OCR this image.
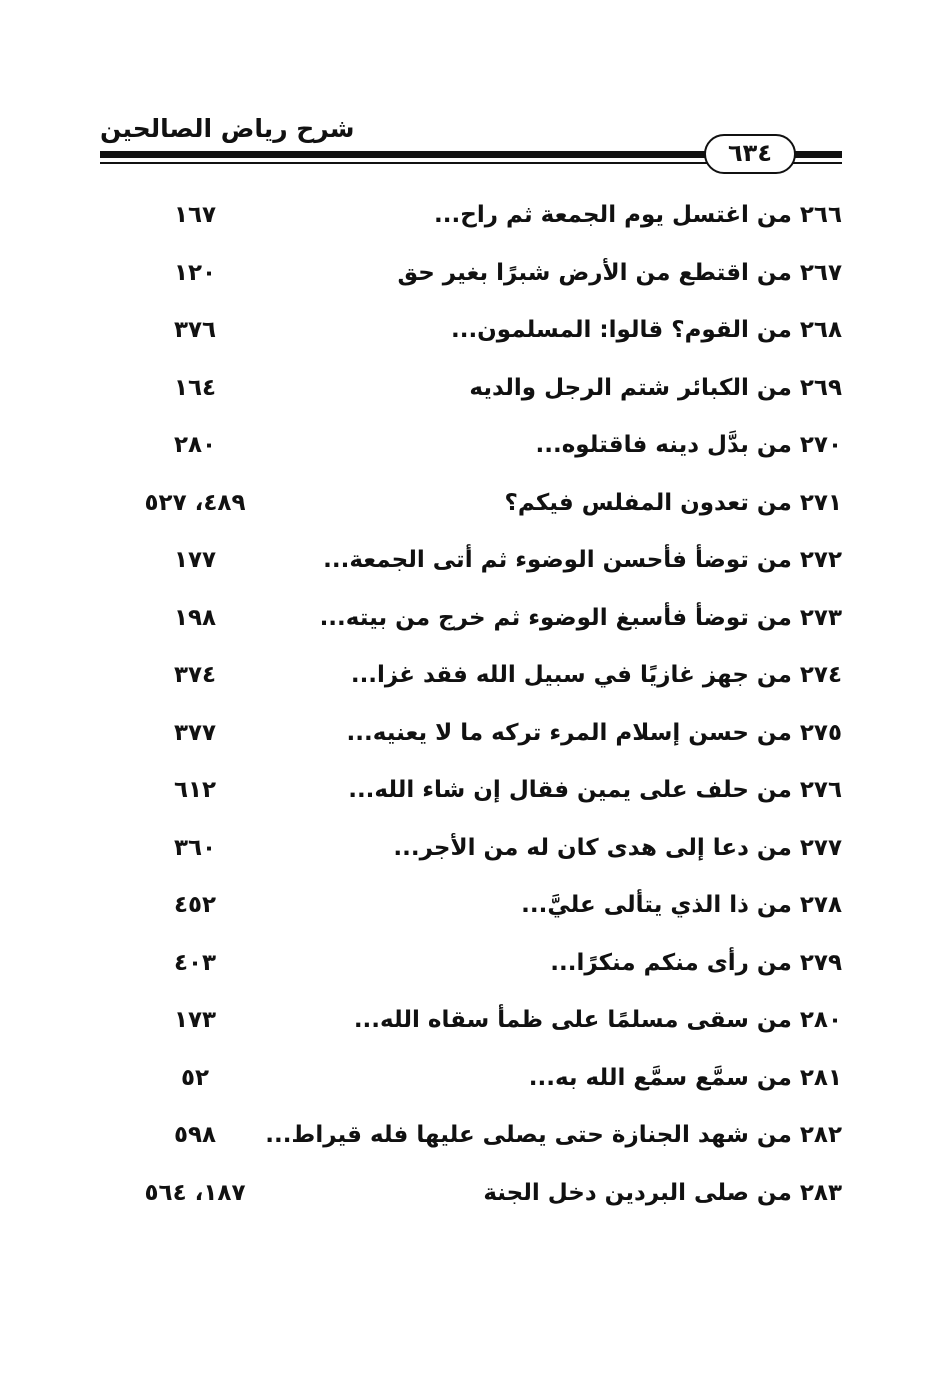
شرح رياض الصالحين
٦٣٤
٢٦٦من اغتسل يوم الجمعة ثم راح...
١٦٧
٢٦٧من اقتطع من الأرض شبرًا بغير حق
١٢٠
٢٦٨من القوم؟ قالوا: المسلمون...
٣٧٦
٢٦٩من الكبائر شتم الرجل والديه
١٦٤
٢٧٠من بدَّل دينه فاقتلوه...
٢٨٠
٢٧١من تعدون المفلس فيكم؟
٤٨٩، ٥٢٧
٢٧٢من توضأ فأحسن الوضوء ثم أتى الجمعة...
١٧٧
٢٧٣من توضأ فأسبغ الوضوء ثم خرج من بيته...
١٩٨
٢٧٤من جهز غازيًا في سبيل الله فقد غزا...
٣٧٤
٢٧٥من حسن إسلام المرء تركه ما لا يعنيه...
٣٧٧
٢٧٦من حلف على يمين فقال إن شاء الله...
٦١٢
٢٧٧من دعا إلى هدى كان له من الأجر...
٣٦٠
٢٧٨من ذا الذي يتألى عليَّ...
٤٥٢
٢٧٩من رأى منكم منكرًا...
٤٠٣
٢٨٠من سقى مسلمًا على ظمأ سقاه الله...
١٧٣
٢٨١من سمَّع سمَّع الله به...
٥٢
٢٨٢من شهد الجنازة حتى يصلى عليها فله قيراط...
٥٩٨
٢٨٣من صلى البردين دخل الجنة
١٨٧، ٥٦٤
